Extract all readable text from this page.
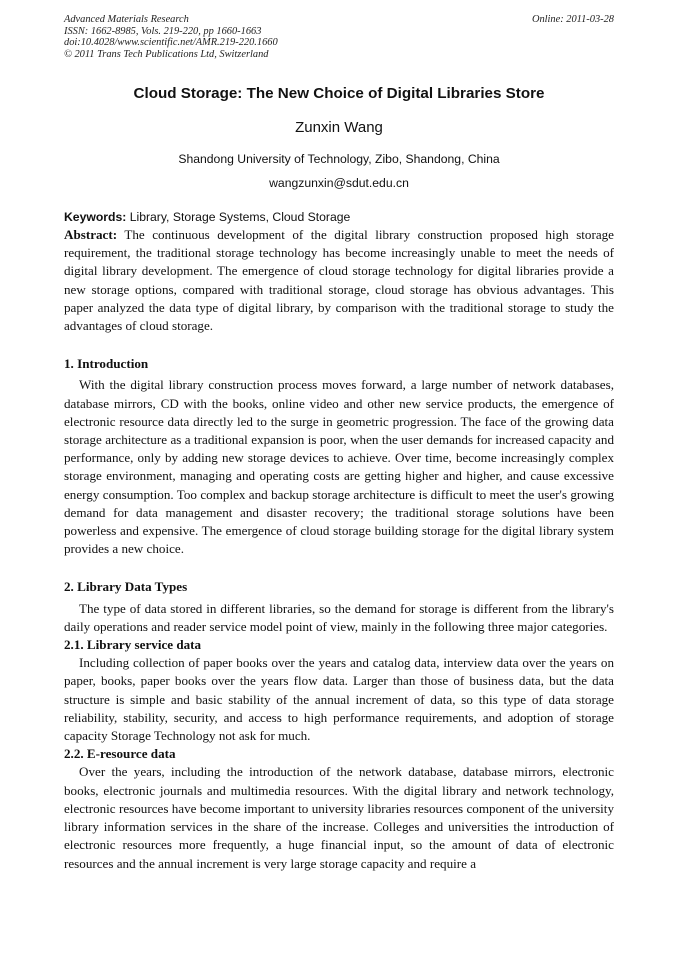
Advanced Materials Research
ISSN: 1662-8985, Vols. 219-220, pp 1660-1663
doi:10.4028/www.scientific.net/AMR.219-220.1660
© 2011 Trans Tech Publications Ltd, Switzerland
Online: 2011-03-28
Cloud Storage: The New Choice of Digital Libraries Store
Zunxin Wang
Shandong University of Technology, Zibo, Shandong, China
wangzunxin@sdut.edu.cn
Keywords: Library, Storage Systems, Cloud Storage
Abstract: The continuous development of the digital library construction proposed high storage requirement, the traditional storage technology has become increasingly unable to meet the needs of digital library development. The emergence of cloud storage technology for digital libraries provide a new storage options, compared with traditional storage, cloud storage has obvious advantages. This paper analyzed the data type of digital library, by comparison with the traditional storage to study the advantages of cloud storage.
1. Introduction
With the digital library construction process moves forward, a large number of network databases, database mirrors, CD with the books, online video and other new service products, the emergence of electronic resource data directly led to the surge in geometric progression. The face of the growing data storage architecture as a traditional expansion is poor, when the user demands for increased capacity and performance, only by adding new storage devices to achieve. Over time, become increasingly complex storage environment, managing and operating costs are getting higher and higher, and cause excessive energy consumption. Too complex and backup storage architecture is difficult to meet the user's growing demand for data management and disaster recovery; the traditional storage solutions have been powerless and expensive. The emergence of cloud storage building storage for the digital library system provides a new choice.
2. Library Data Types
The type of data stored in different libraries, so the demand for storage is different from the library's daily operations and reader service model point of view, mainly in the following three major categories.
2.1. Library service data
Including collection of paper books over the years and catalog data, interview data over the years on paper, books, paper books over the years flow data. Larger than those of business data, but the data structure is simple and basic stability of the annual increment of data, so this type of data storage reliability, stability, security, and access to high performance requirements, and adoption of storage capacity Storage Technology not ask for much.
2.2. E-resource data
Over the years, including the introduction of the network database, database mirrors, electronic books, electronic journals and multimedia resources. With the digital library and network technology, electronic resources have become important to university libraries resources component of the university library information services in the share of the increase. Colleges and universities the introduction of electronic resources more frequently, a huge financial input, so the amount of data of electronic resources and the annual increment is very large storage capacity and require a
